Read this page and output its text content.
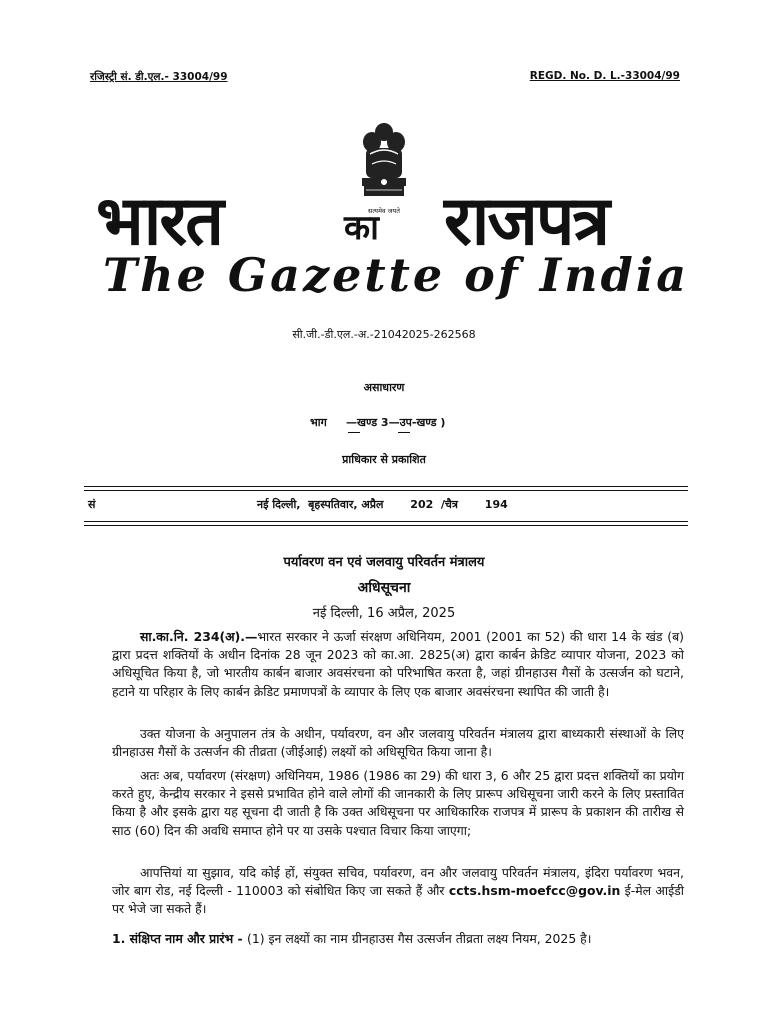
रजिस्ट्री सं. डी.एल.- 33004/99	REGD. No. D. L.-33004/99
सत्यमेव जयते
भारत	का राजपत्र
The Gazette of India
सी.जी.-डी.एल.-अ.-21042025-262568
असाधारण
भाग —खण्ड 3—उप-खण्ड )
प्राधिकार से प्रकाशित
सं	नई दिल्ली,  बृहस्पतिवार, अप्रैल       202  /चैत्र       194
पर्यावरण वन एवं जलवायु परिवर्तन मंत्रालय
अधिसूचना
नई दिल्ली, 16 अप्रैल, 2025
सा.का.नि. 234(अ).—भारत सरकार ने ऊर्जा संरक्षण अधिनियम, 2001 (2001 का 52) की धारा 14 के खंड (ब) द्वारा प्रदत्त शक्तियों के अधीन दिनांक 28 जून 2023 को का.आ. 2825(अ) द्वारा कार्बन क्रेडिट व्यापार योजना, 2023 को अधिसूचित किया है, जो भारतीय कार्बन बाजार अवसंरचना को परिभाषित करता है, जहां ग्रीनहाउस गैसों के उत्सर्जन को घटाने, हटाने या परिहार के लिए कार्बन क्रेडिट प्रमाणपत्रों के व्यापार के लिए एक बाजार अवसंरचना स्थापित की जाती है।
उक्त योजना के अनुपालन तंत्र के अधीन, पर्यावरण, वन और जलवायु परिवर्तन मंत्रालय द्वारा बाध्यकारी संस्थाओं के लिए ग्रीनहाउस गैसों के उत्सर्जन की तीव्रता (जीईआई) लक्ष्यों को अधिसूचित किया जाना है।
अतः अब, पर्यावरण (संरक्षण) अधिनियम, 1986 (1986 का 29) की धारा 3, 6 और 25 द्वारा प्रदत्त शक्तियों का प्रयोग करते हुए, केन्द्रीय सरकार ने इससे प्रभावित होने वाले लोगों की जानकारी के लिए प्रारूप अधिसूचना जारी करने के लिए प्रस्तावित किया है और इसके द्वारा यह सूचना दी जाती है कि उक्त अधिसूचना पर आधिकारिक राजपत्र में प्रारूप के प्रकाशन की तारीख से साठ (60) दिन की अवधि समाप्त होने पर या उसके पश्चात विचार किया जाएगा;
आपत्तियां या सुझाव, यदि कोई हों, संयुक्त सचिव, पर्यावरण, वन और जलवायु परिवर्तन मंत्रालय, इंदिरा पर्यावरण भवन, जोर बाग रोड, नई दिल्ली - 110003 को संबोधित किए जा सकते हैं और ccts.hsm-moefcc@gov.in ई-मेल आईडी पर भेजे जा सकते हैं।
1. संक्षिप्त नाम और प्रारंभ - (1) इन लक्ष्यों का नाम ग्रीनहाउस गैस उत्सर्जन तीव्रता लक्ष्य नियम, 2025 है।
